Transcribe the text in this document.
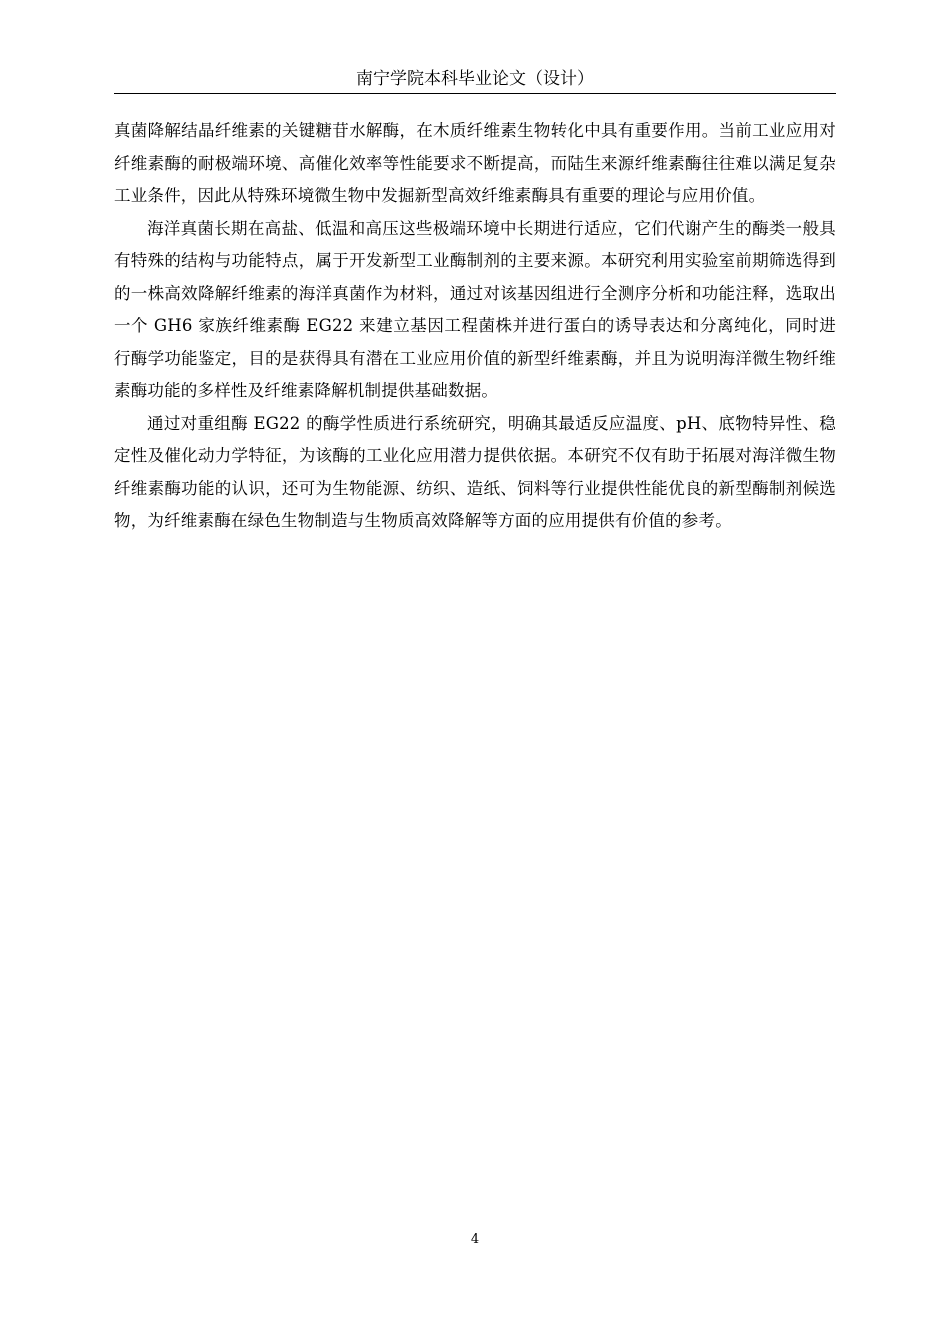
南宁学院本科毕业论文（设计）

真菌降解结晶纤维素的关键糖苷水解酶，在木质纤维素生物转化中具有重要作用。当前工业应用对纤维素酶的耐极端环境、高催化效率等性能要求不断提高，而陆生来源纤维素酶往往难以满足复杂工业条件，因此从特殊环境微生物中发掘新型高效纤维素酶具有重要的理论与应用价值。

海洋真菌长期在高盐、低温和高压这些极端环境中长期进行适应，它们代谢产生的酶类一般具有特殊的结构与功能特点，属于开发新型工业酶制剂的主要来源。本研究利用实验室前期筛选得到的一株高效降解纤维素的海洋真菌作为材料，通过对该基因组进行全测序分析和功能注释，选取出一个 GH6 家族纤维素酶 EG22 来建立基因工程菌株并进行蛋白的诱导表达和分离纯化，同时进行酶学功能鉴定，目的是获得具有潜在工业应用价值的新型纤维素酶，并且为说明海洋微生物纤维素酶功能的多样性及纤维素降解机制提供基础数据。

通过对重组酶 EG22 的酶学性质进行系统研究，明确其最适反应温度、pH、底物特异性、稳定性及催化动力学特征，为该酶的工业化应用潜力提供依据。本研究不仅有助于拓展对海洋微生物纤维素酶功能的认识，还可为生物能源、纺织、造纸、饲料等行业提供性能优良的新型酶制剂候选物，为纤维素酶在绿色生物制造与生物质高效降解等方面的应用提供有价值的参考。

4
